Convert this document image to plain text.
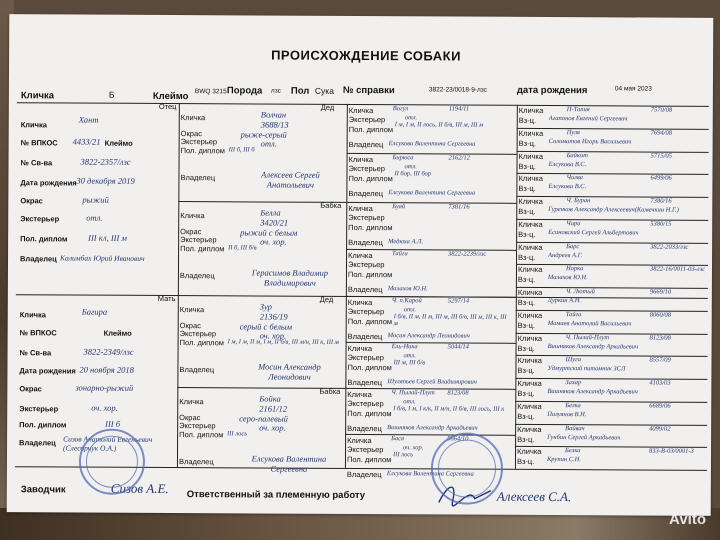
ПРОИСХОЖДЕНИЕ СОБАКИ
Кличка	Б	Клеймо BWQ 3215 Порода лзс Пол Сука № справки	3822-23/0018-9-лзс	дата рождения	04 мая 2023
Отец
Кличка
Хант
№ ВПКОС 4433/21 Клеймо
№ Св-ва	3822-2357/лзс
Дата рождения 30 декабря 2019
Окрас	рыжий
Экстерьер	отл.
Пол. диплом III кл, III м
Владелец Калимбах Юрий Иванович
Мать
Кличка	Багира
№ ВПКОС	Клеймо
№ Св-ва	3822-2349/лзс
Дата рождения 20 ноября 2018
Окрас	зонарно-рыжий
Экстерьер	оч. хор.
Пол. диплом	III б
Владелец Сизов Анатолий Евгеньевич (Слесорчук О.А.)
Дед
Кличка	Волчан
3688/13
Окрас	рыже-серый
Экстерьер	отл.
Пол. диплом III б, III б
Владелец	Алексеев Сергей Анатольевич
Бабка
Кличка	Белла
3420/21
Окрас	рыжий с белым
Экстерьер	оч. хор.
Пол. диплом II б, III б/в
Владелец	Герасимов Владимир Владимирович
Дед
Кличка	Зур
2136/19
Окрас	серый с белым
Экстерьер	оч. хор.
Пол. диплом I м, I м, II м, I м, II б/в, III м/н, III к, III м
Владелец	Мосин Александр Леонидович
Бабка
Кличка	Бойка
2161/12
Окрас	серо-палевый
Экстерьер	оч. хор.
Пол. диплом III лось
Владелец	Елсукова Валентина Сергеевна
Кличка	Вогул	1194/11
Экстерьер	отл.
Пол. диплом
I м, I м, II лось, II б/в, III м, III м
Владелец Елсукова Валентина Сергеевна
Кличка	Бирюса	2162/12
Экстерьер	отл.
Пол. диплом
II бор, III бор
Владелец Елсукова Валентина Сергеевна
Кличка	Буяй	7381/16
Экстерьер
Пол. диплом
Владелец Медюха А.Л.
Кличка	Тайга	3822-2239/лзс
Экстерьер
Пол. диплом
Владелец Малахов Ю.Н.
Кличка	Ч. п.Карой	5297/14
Экстерьер	отл.
Пол. диплом I б/в, II м, II м, III м, III б/в, III м, III к, III м
Владелец Мосин Александр Леонидович
Кличка	Ель-Ника	5044/14
Экстерьер	отл.
Пол. диплом
III м, III б/в
Владелец Шуляпьев Сергей Владимирович
Кличка	Ч. Пылай-Плут 8123/08
Экстерьер	отл.
Пол. диплом I б/в, I м, I к/к, II м/н, II б/в, III лось, III к
Владелец Вишняков Александр Аркадьевич
Кличка	Бася	5664/10
Экстерьер	оч. хор.
Пол. диплом
III лось
Владелец Елсукова Валентина Сергеевна
Кличка	П-Тапия	7570/08
Вз-ц. Агапонов Евгений Сергеевич
Кличка	Пуля	7694/08
Вз-ц. Соломатов Игорь Васильевич
Кличка	Байкит	5715/05
Вз-ц. Елсукова В.С.
Кличка	Чолва	6499/06
Вз-ц. Елсукова В.С.
Кличка	Ч. Буран	7380/16
Вз-ц. Гуренков Александр Алексеевич(Камечкин Н.Г.)
Кличка	Чара	5380/15
Вз-ц. Есиновский Сергей Альбертович
Кличка	Барс	3822-2033/лзс
Вз-ц. Андреев А.Г.
Кличка	Норка	3822-16/0011-03-лзс
Вз-ц. Малахов Ю.Н.
Кличка	Ч. Лютый	9669/10
Вз-ц. Дуркин А.Н.
Кличка	Тайга	8060/08
Вз-ц. Мамаев Анатолий Васильевич
Кличка	Ч. Пылай-Плут	8123/08
Вз-ц. Вишняков Александр Аркадьевич
Кличка	Шуга	8557/09
Вз-ц. Удмуртский питомник ЗСЛ
Кличка	Захар	4103/03
Вз-ц. Вишняков Александр Аркадьевич
Кличка	Белка	6689/06
Вз-ц. Полуянов В.Н.
Кличка	Вайвач	4099/02
Вз-ц. Гунбин Сергей Аркадьевич
Кличка	Белка	833-В-03/0001-3
Вз-ц. Крупин С.Н.
Заводчик	Сизов А.Е. Ответственный за племенную работу	Алексеев С.А.
Avito
